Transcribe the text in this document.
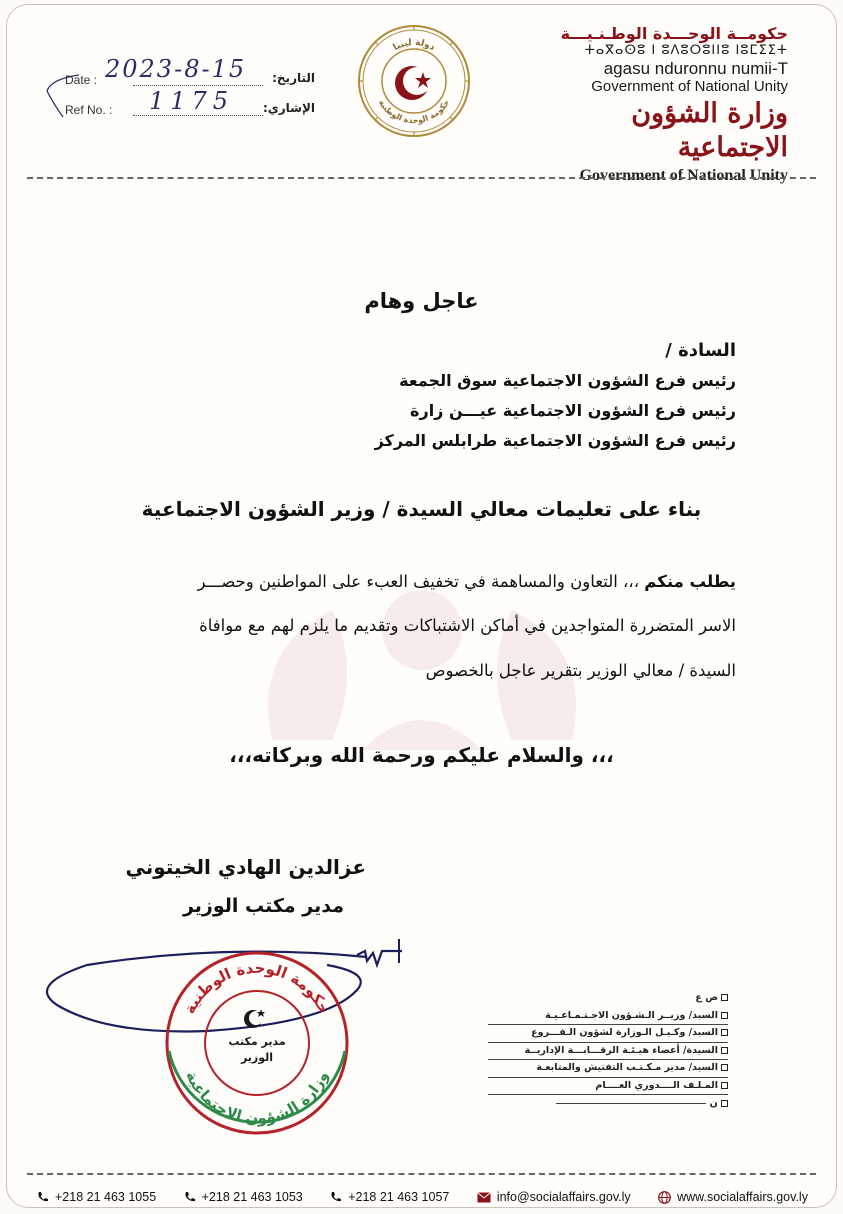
حكومــة الوحـــدة الوطـنـيـــة
ⵜⴰⴳⴰⵙⵓ ⵏ ⵓⴷⵓⵔⵓⵏⵏⵓ ⵏⵓⵎⵉⵉⵜ
agasu nduronnu numii-T
Government of National Unity
وزارة الشؤون الاجتماعية
Government of National Unity
دولة ليبيا
حكومة الوحدة الوطنية
Date :	التاريخ:
2023-8-15
Ref No. :	الإشاري:
1175
عاجل وهام
السادة /
رئيس فرع الشؤون الاجتماعية سوق الجمعة
رئيس فرع الشؤون الاجتماعية عيـــن زارة
رئيس فرع الشؤون الاجتماعية طرابلس المركز
بناء على تعليمات معالي السيدة / وزير الشؤون الاجتماعية
يطلب منكم ،،، التعاون والمساهمة في تخفيف العبء على المواطنين وحصـــر
الاسر المتضررة المتواجدين في أماكن الاشتباكات وتقديم ما يلزم لهم مع موافاة
السيدة / معالي الوزير بتقرير عاجل بالخصوص
،،، والسلام عليكم ورحمة الله وبركاته،،،
عزالدين الهادي الخيتوني
مدير مكتب الوزير
حكومة الوحدة الوطنية
وزارة الشؤون الاجتماعية
مدير مكتب
الوزير
ص ع
السيد/ وزيــر الـشـؤون الاجـتـمـاعـيـة
السيد/ وكـيـل الـوزارة لشؤون الـفـــروع
السيدة/ أعضاء هيـئـة الرقـــابـــة الإداريــة
السيد/ مدير مـكـتـب التفتيش والمتابعـة
المـلـف الــــدوري العــــام
ن
+218 21 463 1055	+218 21 463 1053	+218 21 463 1057	info@socialaffairs.gov.ly	www.socialaffairs.gov.ly
